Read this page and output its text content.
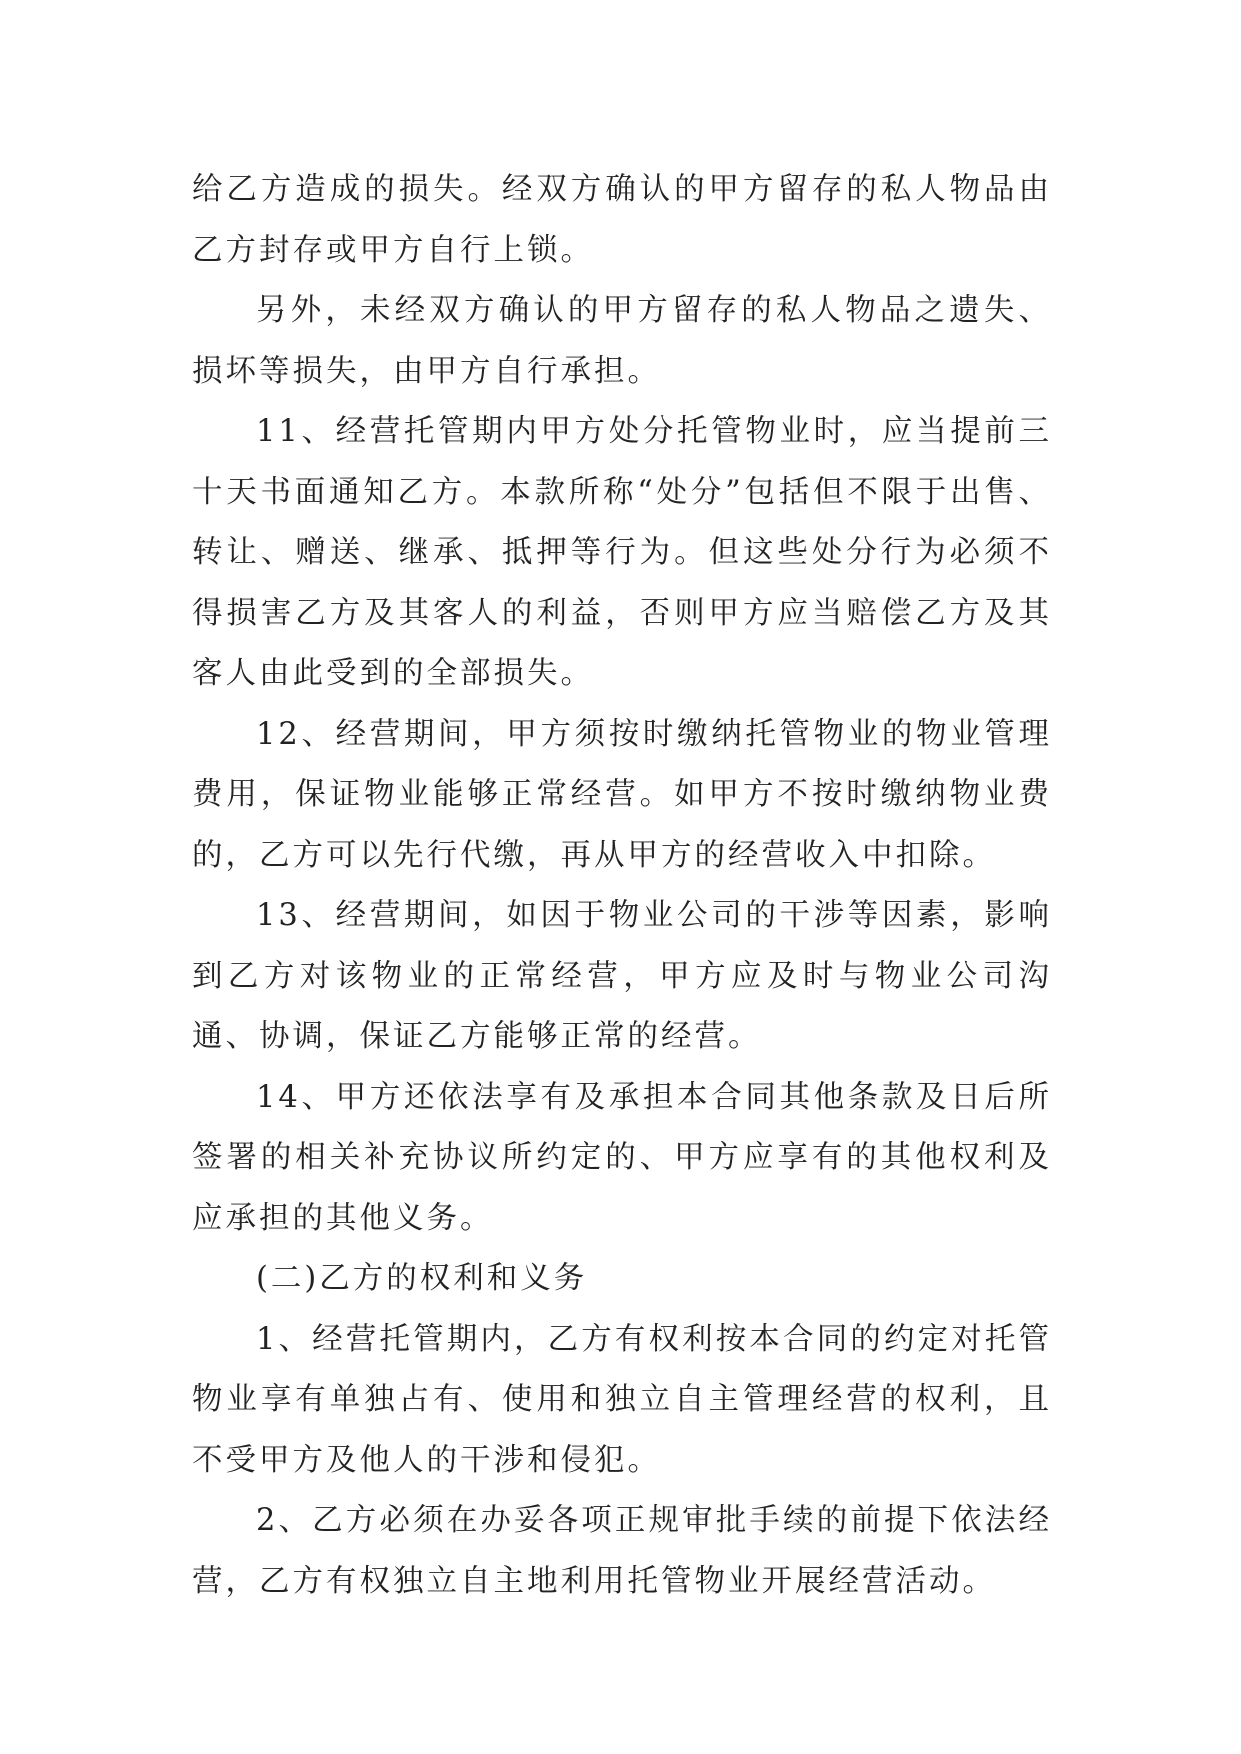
给乙方造成的损失。经双方确认的甲方留存的私人物品由乙方封存或甲方自行上锁。

另外，未经双方确认的甲方留存的私人物品之遗失、损坏等损失，由甲方自行承担。

11、经营托管期内甲方处分托管物业时，应当提前三十天书面通知乙方。本款所称“处分”包括但不限于出售、转让、赠送、继承、抵押等行为。但这些处分行为必须不得损害乙方及其客人的利益，否则甲方应当赔偿乙方及其客人由此受到的全部损失。

12、经营期间，甲方须按时缴纳托管物业的物业管理费用，保证物业能够正常经营。如甲方不按时缴纳物业费的，乙方可以先行代缴，再从甲方的经营收入中扣除。

13、经营期间，如因于物业公司的干涉等因素，影响到乙方对该物业的正常经营，甲方应及时与物业公司沟通、协调，保证乙方能够正常的经营。

14、甲方还依法享有及承担本合同其他条款及日后所签署的相关补充协议所约定的、甲方应享有的其他权利及应承担的其他义务。

(二)乙方的权利和义务

1、经营托管期内，乙方有权利按本合同的约定对托管物业享有单独占有、使用和独立自主管理经营的权利，且不受甲方及他人的干涉和侵犯。

2、乙方必须在办妥各项正规审批手续的前提下依法经营，乙方有权独立自主地利用托管物业开展经营活动。
